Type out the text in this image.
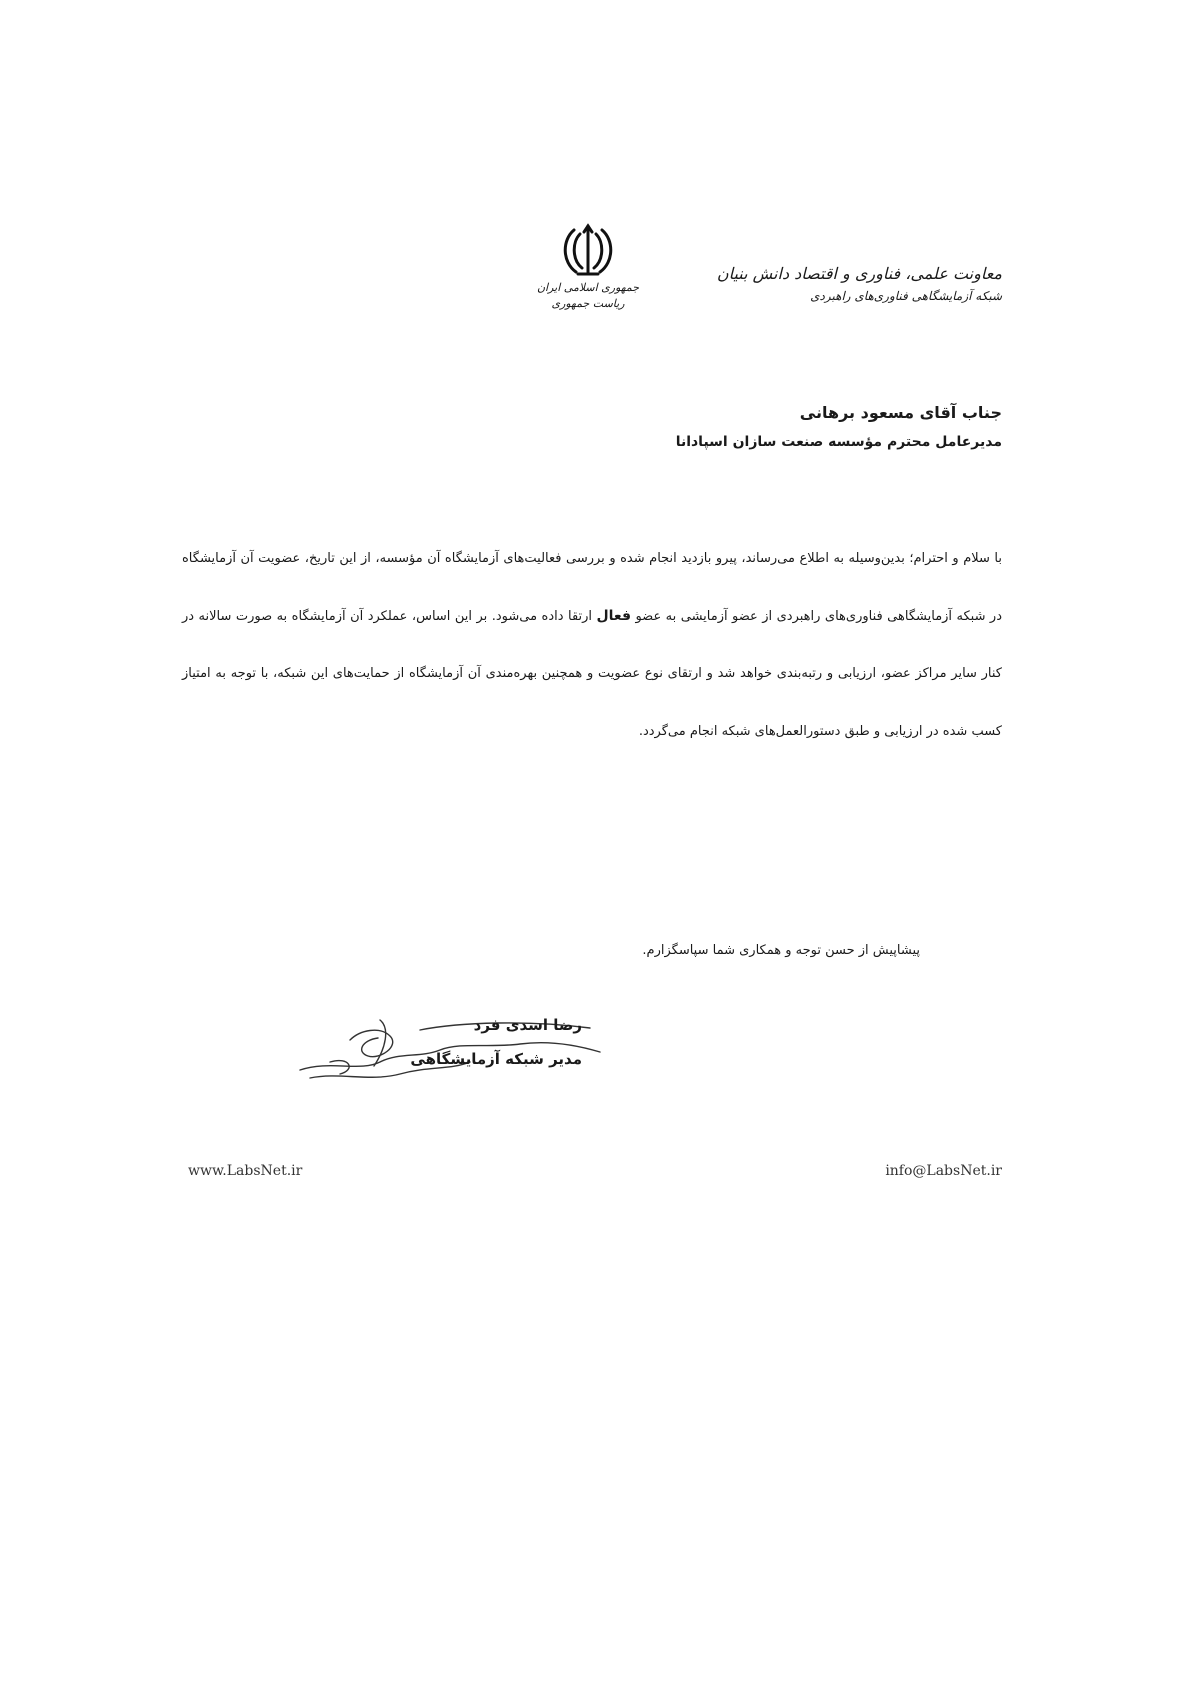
جمهوری اسلامی ایران
ریاست جمهوری
معاونت علمی، فناوری و اقتصاد دانش بنیان
شبکه آزمایشگاهی فناوری‌های راهبردی
جناب آقای مسعود برهانی
مدیرعامل محترم مؤسسه صنعت سازان اسپادانا
با سلام و احترام؛ بدین‌وسیله به اطلاع می‌رساند، پیرو بازدید انجام شده و بررسی فعالیت‌های آزمایشگاه آن مؤسسه، از این تاریخ، عضویت آن آزمایشگاه در شبکه آزمایشگاهی فناوری‌های راهبردی از عضو آزمایشی به عضو فعال ارتقا داده می‌شود. بر این اساس، عملکرد آن آزمایشگاه به صورت سالانه در کنار سایر مراکز عضو، ارزیابی و رتبه‌بندی خواهد شد و ارتقای نوع عضویت و همچنین بهره‌مندی آن آزمایشگاه از حمایت‌های این شبکه، با توجه به امتیاز کسب شده در ارزیابی و طبق دستورالعمل‌های شبکه انجام می‌گردد.
پیشاپیش از حسن توجه و همکاری شما سپاسگزارم.
رضا اسدی فرد
مدیر شبکه آزمایشگاهی
www.LabsNet.ir	info@LabsNet.ir
